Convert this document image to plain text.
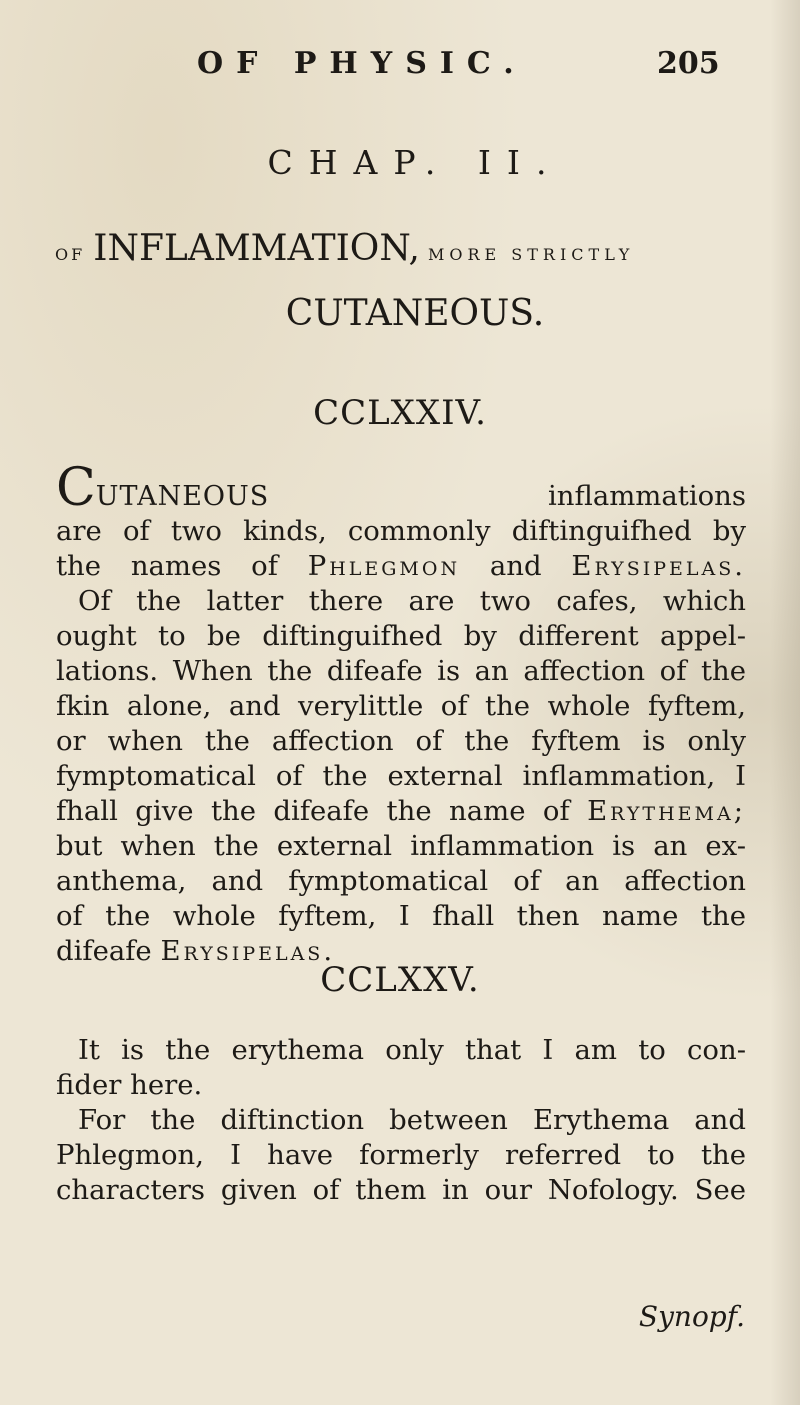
OF PHYSIC.	205
CHAP. II.
OF INFLAMMATION, MORE STRICTLY
CUTANEOUS.
CCLXXIV.
CUTANEOUS inflammations
are of two kinds, commonly diftinguifhed by
the names of Phlegmon and Erysipelas.
Of the latter there are two cafes, which
ought to be diftinguifhed by different appel-
lations. When the difeafe is an affection of the
fkin alone, and verylittle of the whole fyftem,
or when the affection of the fyftem is only
fymptomatical of the external inflammation, I
fhall give the difeafe the name of Erythema;
but when the external inflammation is an ex-
anthema, and fymptomatical of an affection
of the whole fyftem, I fhall then name the
difeafe Erysipelas.
CCLXXV.
It is the erythema only that I am to con-
fider here.
For the diftinction between Erythema and
Phlegmon, I have formerly referred to the
characters given of them in our Nofology. See
Synopf.
